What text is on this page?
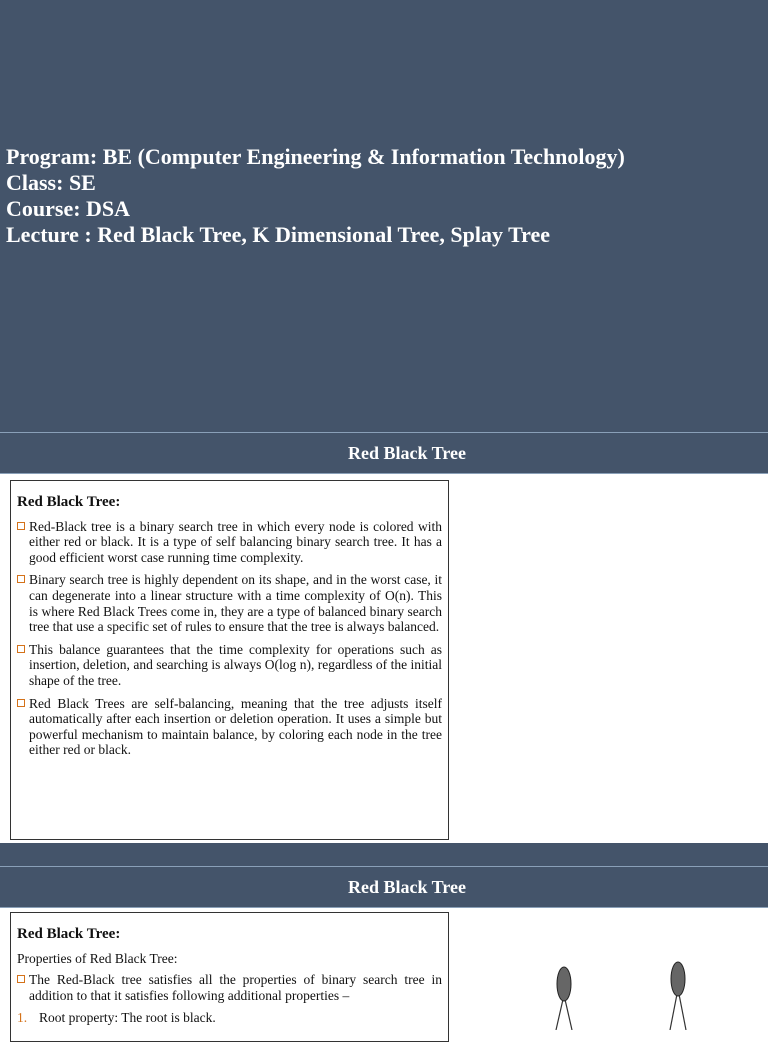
Program: BE (Computer Engineering & Information Technology)
Class: SE
Course: DSA
Lecture : Red Black Tree, K Dimensional Tree, Splay Tree
Red Black Tree
Red Black Tree:
Red-Black tree is a binary search tree in which every node is colored with either red or black. It is a type of self balancing binary search tree. It has a good efficient worst case running time complexity.
Binary search tree is highly dependent on its shape, and in the worst case, it can degenerate into a linear structure with a time complexity of O(n). This is where Red Black Trees come in, they are a type of balanced binary search tree that use a specific set of rules to ensure that the tree is always balanced.
This balance guarantees that the time complexity for operations such as insertion, deletion, and searching is always O(log n), regardless of the initial shape of the tree.
Red Black Trees are self-balancing, meaning that the tree adjusts itself automatically after each insertion or deletion operation. It uses a simple but powerful mechanism to maintain balance, by coloring each node in the tree either red or black.
Red Black Tree
Red Black Tree:
Properties of Red Black Tree:
The Red-Black tree satisfies all the properties of binary search tree in addition to that it satisfies following additional properties –
1. Root property: The root is black.
